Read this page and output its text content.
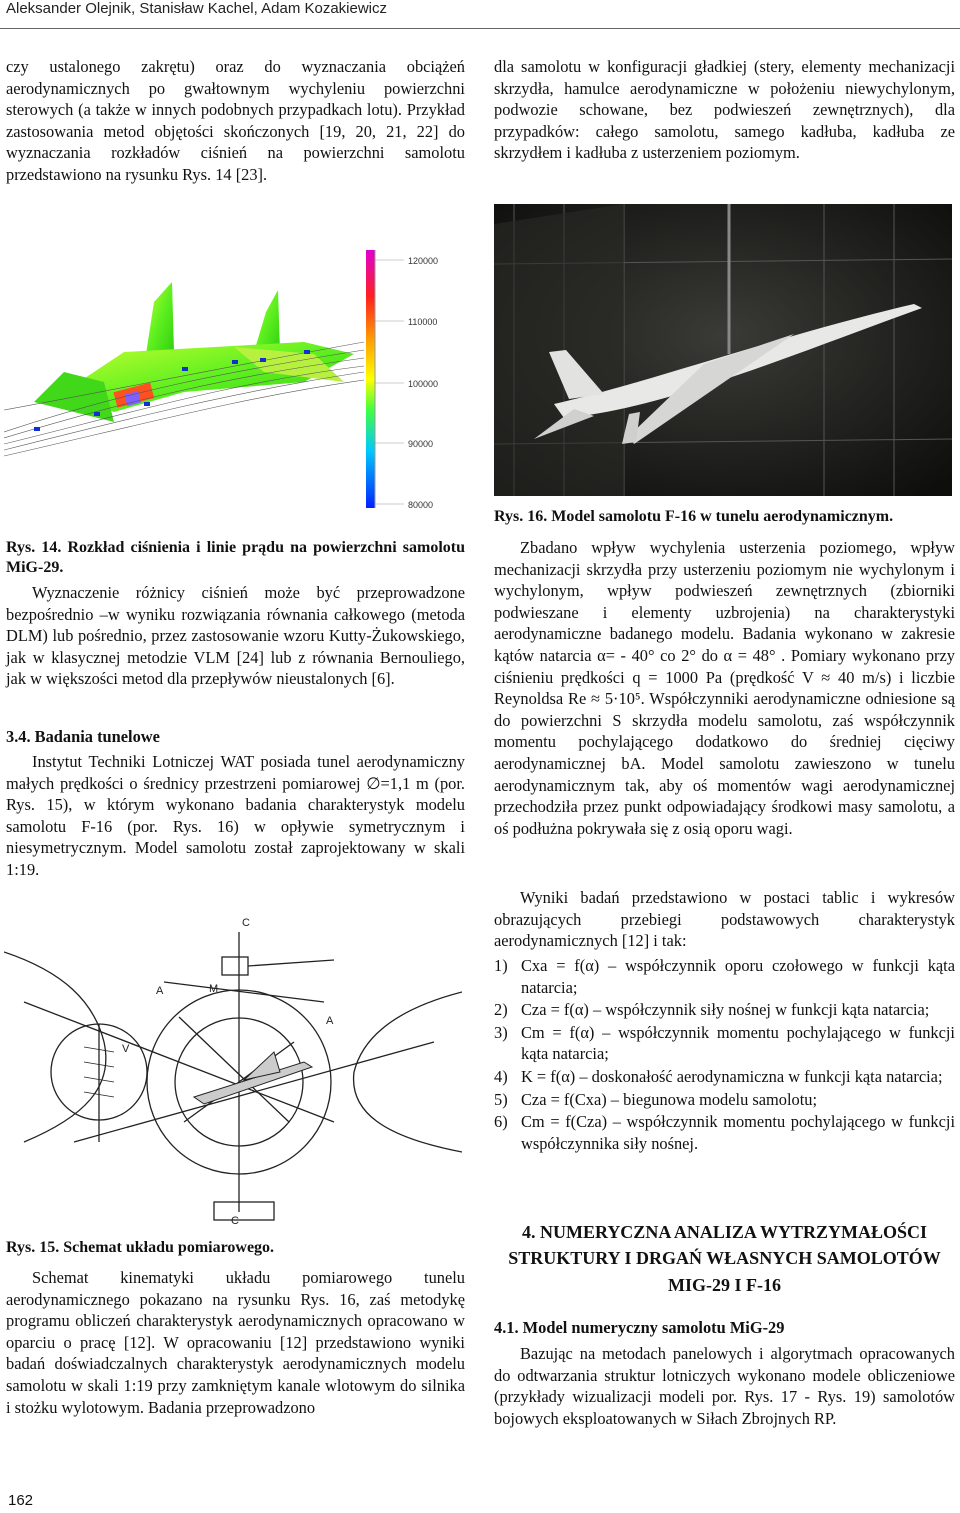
Aleksander Olejnik, Stanisław Kachel, Adam Kozakiewicz

czy ustalonego zakrętu) oraz do wyznaczania obciążeń aerodynamicznych po gwałtownym wychyleniu powierzchni sterowych (a także w innych podobnych przypadkach lotu). Przykład zastosowania metod objętości skończonych [19, 20, 21, 22] do wyznaczania rozkładów ciśnień na powierzchni samolotu przedstawiono na rysunku Rys. 14 [23].

120000
110000
100000
90000
80000
Rys. 14. Rozkład ciśnienia i linie prądu na powierzchni samolotu MiG-29.

Wyznaczenie różnicy ciśnień może być przeprowadzone bezpośrednio –w wyniku rozwiązania równania całkowego (metoda DLM) lub pośrednio, przez zastosowanie wzoru Kutty-Żukowskiego, jak w klasycznej metodzie VLM [24] lub z równania Bernouliego, jak w większości metod dla przepływów nieustalonych [6].

3.4. Badania tunelowe

Instytut Techniki Lotniczej WAT posiada tunel aerodynamiczny małych prędkości o średnicy przestrzeni pomiarowej ∅=1,1 m (por. Rys. 15), w którym wykonano badania charakterystyk modelu samolotu F-16 (por. Rys. 16) w opływie symetrycznym i niesymetrycznym. Model samolotu został zaprojektowany w skali 1:19.

C
A	M
A
V
C
Rys. 15. Schemat układu pomiarowego.

Schemat kinematyki układu pomiarowego tunelu aerodynamicznego pokazano na rysunku Rys. 16, zaś metodykę programu obliczeń charakterystyk aerodynamicznych opracowano w oparciu o pracę [12]. W opracowaniu [12] przedstawiono wyniki badań doświadczalnych charakterystyk aerodynamicznych modelu samolotu w skali 1:19 przy zamkniętym kanale wlotowym do silnika i stożku wylotowym. Badania przeprowadzono

dla samolotu w konfiguracji gładkiej (stery, elementy mechanizacji skrzydła, hamulce aerodynamiczne w położeniu niewychylonym, podwozie schowane, bez podwieszeń zewnętrznych), dla przypadków: całego samolotu, samego kadłuba, kadłuba ze skrzydłem i kadłuba z usterzeniem poziomym.

Rys. 16. Model samolotu F-16 w tunelu aerodynamicznym.

Zbadano wpływ wychylenia usterzenia poziomego, wpływ mechanizacji skrzydła przy usterzeniu poziomym nie wychylonym i wychylonym, wpływ podwieszeń zewnętrznych (zbiorniki podwieszane i elementy uzbrojenia) na charakterystyki aerodynamiczne badanego modelu. Badania wykonano w zakresie kątów natarcia α= - 40° co 2° do α = 48° . Pomiary wykonano przy ciśnieniu prędkości q = 1000 Pa (prędkość V ≈ 40 m/s) i liczbie Reynoldsa Re ≈ 5·10⁵. Współczynniki aerodynamiczne odniesione są do powierzchni S skrzydła modelu samolotu, zaś współczynnik momentu pochylającego dodatkowo do średniej cięciwy aerodynamicznej bA. Model samolotu zawieszono w tunelu aerodynamicznym tak, aby oś momentów wagi aerodynamicznej przechodziła przez punkt odpowiadający środkowi masy samolotu, a oś podłużna pokrywała się z osią oporu wagi.

Wyniki badań przedstawiono w postaci tablic i wykresów obrazujących przebiegi podstawowych charakterystyk aerodynamicznych [12] i tak:

1) Cxa = f(α) – współczynnik oporu czołowego w funkcji kąta natarcia;
2) Cza = f(α) – współczynnik siły nośnej w funkcji kąta natarcia;
3) Cm = f(α) – współczynnik momentu pochylającego w funkcji kąta natarcia;
4) K = f(α) – doskonałość aerodynamiczna w funkcji kąta natarcia;
5) Cza = f(Cxa) – biegunowa modelu samolotu;
6) Cm = f(Cza) – współczynnik momentu pochylającego w funkcji współczynnika siły nośnej.
4. NUMERYCZNA ANALIZA WYTRZYMAŁOŚCI
STRUKTURY I DRGAŃ WŁASNYCH SAMOLOTÓW
MIG-29 I F-16
4.1. Model numeryczny samolotu MiG-29

Bazując na metodach panelowych i algorytmach opracowanych do odtwarzania struktur lotniczych wykonano modele obliczeniowe (przykłady wizualizacji modeli por. Rys. 17 - Rys. 19) samolotów bojowych eksploatowanych w Siłach Zbrojnych RP.

162
